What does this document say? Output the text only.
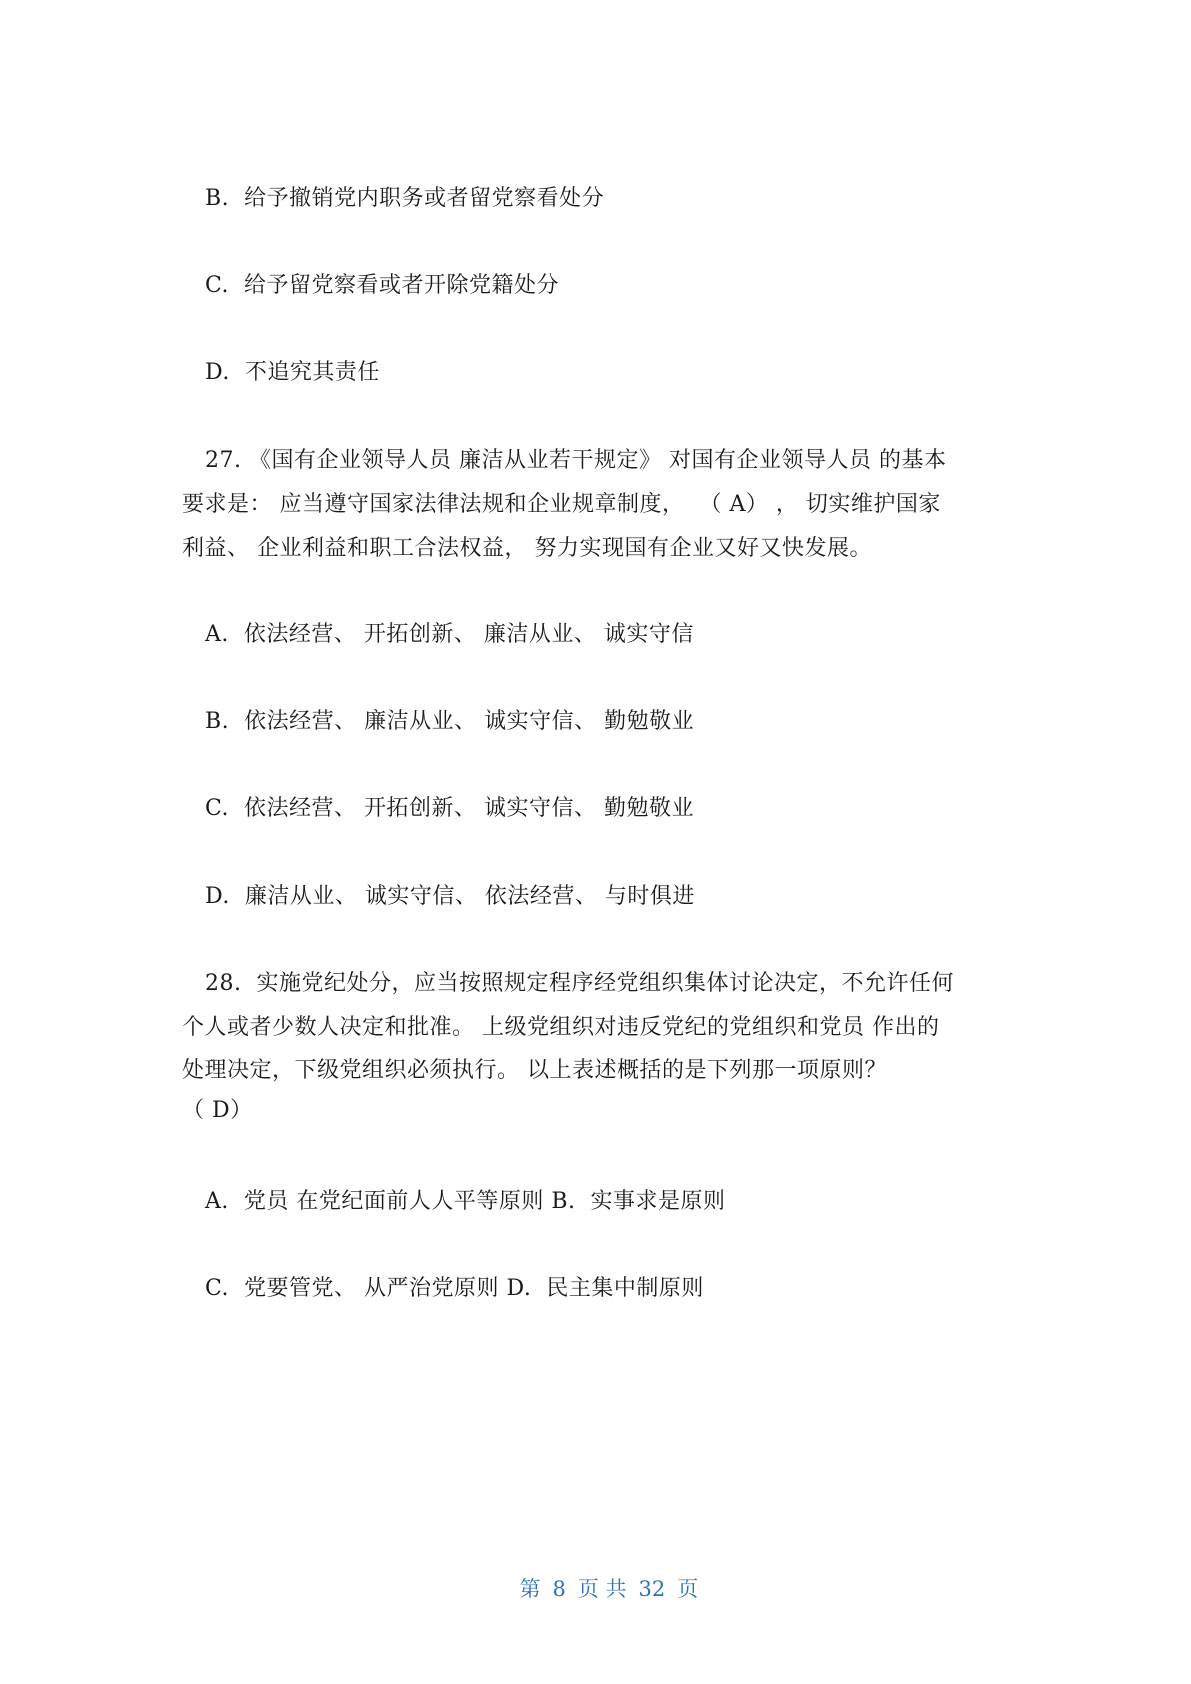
B.  给予撤销党内职务或者留党察看处分
C.  给予留党察看或者开除党籍处分
D.  不追究其责任
27. 《国有企业领导人员 廉洁从业若干规定》 对国有企业领导人员 的基本
要求是： 应当遵守国家法律法规和企业规章制度，  （ A） ， 切实维护国家
利益、 企业利益和职工合法权益， 努力实现国有企业又好又快发展。
A.  依法经营、 开拓创新、 廉洁从业、 诚实守信
B.  依法经营、 廉洁从业、 诚实守信、 勤勉敬业
C.  依法经营、 开拓创新、 诚实守信、 勤勉敬业
D.  廉洁从业、 诚实守信、 依法经营、 与时俱进
28.  实施党纪处分，应当按照规定程序经党组织集体讨论决定，不允许任何
个人或者少数人决定和批准。 上级党组织对违反党纪的党组织和党员 作出的
处理决定，下级党组织必须执行。 以上表述概括的是下列那一项原则？
（ D）
A.  党员 在党纪面前人人平等原则 B.  实事求是原则
C.  党要管党、 从严治党原则 D.  民主集中制原则

第 8 页 共 32 页
